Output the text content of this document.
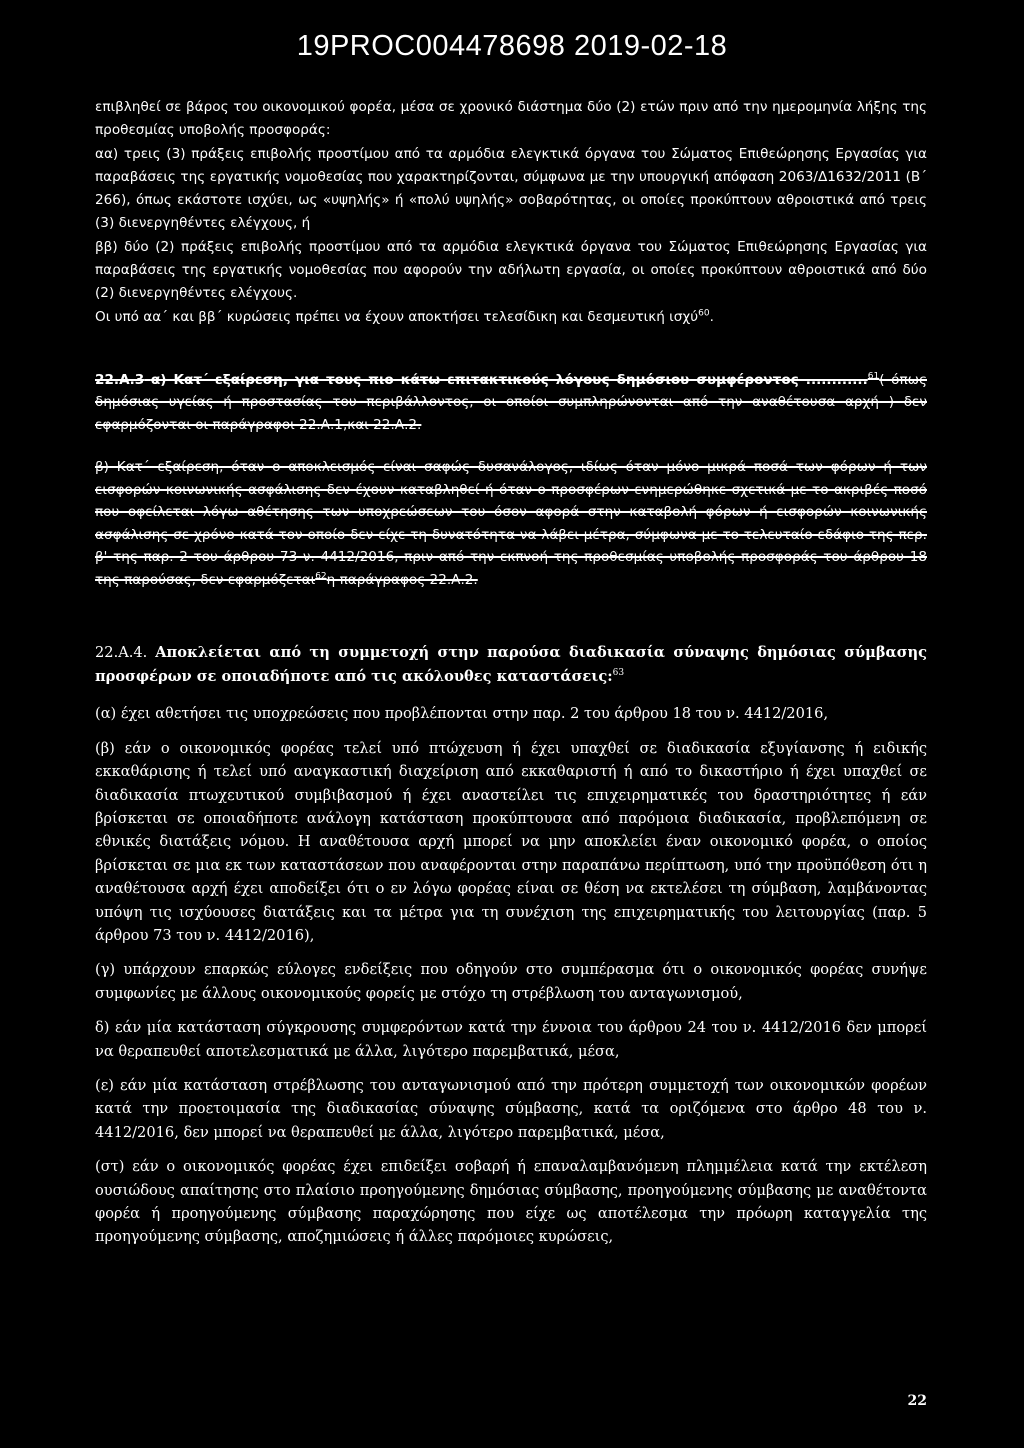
19PROC004478698 2019-02-18

επιβληθεί σε βάρος του οικονομικού φορέα, μέσα σε χρονικό διάστημα δύο (2) ετών πριν από την ημερομηνία λήξης της προθεσμίας υποβολής προσφοράς:

αα) τρεις (3) πράξεις επιβολής προστίμου από τα αρμόδια ελεγκτικά όργανα του Σώματος Επιθεώρησης Εργασίας για παραβάσεις της εργατικής νομοθεσίας που χαρακτηρίζονται, σύμφωνα με την υπουργική απόφαση 2063/Δ1632/2011 (Β΄ 266), όπως εκάστοτε ισχύει, ως «υψηλής» ή «πολύ υψηλής» σοβαρότητας, οι οποίες προκύπτουν αθροιστικά από τρεις (3) διενεργηθέντες ελέγχους, ή

ββ) δύο (2) πράξεις επιβολής προστίμου από τα αρμόδια ελεγκτικά όργανα του Σώματος Επιθεώρησης Εργασίας για παραβάσεις της εργατικής νομοθεσίας που αφορούν την αδήλωτη εργασία, οι οποίες προκύπτουν αθροιστικά από δύο (2) διενεργηθέντες ελέγχους.

Οι υπό αα΄ και ββ΄ κυρώσεις πρέπει να έχουν αποκτήσει τελεσίδικη και δεσμευτική ισχύ$^{60}$.

22.Α.3 α) Κατ΄ εξαίρεση, για τους πιο κάτω επιτακτικούς λόγους δημόσιου συμφέροντος ............$^{61}$( όπως δημόσιας υγείας ή προστασίας του περιβάλλοντος, οι οποίοι συμπληρώνονται από την αναθέτουσα αρχή ) δεν εφαρμόζονται οι παράγραφοι 22.Α.1,και 22.Α.2.

β) Κατ΄ εξαίρεση, όταν ο αποκλεισμός είναι σαφώς δυσανάλογος, ιδίως όταν μόνο μικρά ποσά των φόρων ή των εισφορών κοινωνικής ασφάλισης δεν έχουν καταβληθεί ή όταν ο προσφέρων ενημερώθηκε σχετικά με το ακριβές ποσό που οφείλεται λόγω αθέτησης των υποχρεώσεων του όσον αφορά στην καταβολή φόρων ή εισφορών κοινωνικής ασφάλισης σε χρόνο κατά τον οποίο δεν είχε τη δυνατότητα να λάβει μέτρα, σύμφωνα με το τελευταίο εδάφιο της περ. β' της παρ. 2 του άρθρου 73 ν. 4412/2016, πριν από την εκπνοή της προθεσμίας υποβολής προσφοράς του άρθρου 18 της παρούσας, δεν εφαρμόζεται$^{62}$η παράγραφος 22.Α.2.

22.Α.4. Αποκλείεται από τη συμμετοχή στην παρούσα διαδικασία σύναψης δημόσιας σύμβασης προσφέρων σε οποιαδήποτε από τις ακόλουθες καταστάσεις:$^{63}$

(α) έχει αθετήσει τις υποχρεώσεις που προβλέπονται στην παρ. 2 του άρθρου 18 του ν. 4412/2016,

(β) εάν ο οικονομικός φορέας τελεί υπό πτώχευση ή έχει υπαχθεί σε διαδικασία εξυγίανσης ή ειδικής εκκαθάρισης ή τελεί υπό αναγκαστική διαχείριση από εκκαθαριστή ή από το δικαστήριο ή έχει υπαχθεί σε διαδικασία πτωχευτικού συμβιβασμού ή έχει αναστείλει τις επιχειρηματικές του δραστηριότητες ή εάν βρίσκεται σε οποιαδήποτε ανάλογη κατάσταση προκύπτουσα από παρόμοια διαδικασία, προβλεπόμενη σε εθνικές διατάξεις νόμου. Η αναθέτουσα αρχή μπορεί να μην αποκλείει έναν οικονομικό φορέα, ο οποίος βρίσκεται σε μια εκ των καταστάσεων που αναφέρονται στην παραπάνω περίπτωση, υπό την προϋπόθεση ότι η αναθέτουσα αρχή έχει αποδείξει ότι ο εν λόγω φορέας είναι σε θέση να εκτελέσει τη σύμβαση, λαμβάνοντας υπόψη τις ισχύουσες διατάξεις και τα μέτρα για τη συνέχιση της επιχειρηματικής του λειτουργίας (παρ. 5 άρθρου 73 του ν. 4412/2016),

(γ) υπάρχουν επαρκώς εύλογες ενδείξεις που οδηγούν στο συμπέρασμα ότι ο οικονομικός φορέας συνήψε συμφωνίες με άλλους οικονομικούς φορείς με στόχο τη στρέβλωση του ανταγωνισμού,

δ) εάν μία κατάσταση σύγκρουσης συμφερόντων κατά την έννοια του άρθρου 24 του ν. 4412/2016 δεν μπορεί να θεραπευθεί αποτελεσματικά με άλλα, λιγότερο παρεμβατικά, μέσα,

(ε) εάν μία κατάσταση στρέβλωσης του ανταγωνισμού από την πρότερη συμμετοχή των οικονομικών φορέων κατά την προετοιμασία της διαδικασίας σύναψης σύμβασης, κατά τα οριζόμενα στο άρθρο 48 του ν. 4412/2016, δεν μπορεί να θεραπευθεί με άλλα, λιγότερο παρεμβατικά, μέσα,

(στ) εάν ο οικονομικός φορέας έχει επιδείξει σοβαρή ή επαναλαμβανόμενη πλημμέλεια κατά την εκτέλεση ουσιώδους απαίτησης στο πλαίσιο προηγούμενης δημόσιας σύμβασης, προηγούμενης σύμβασης με αναθέτοντα φορέα ή προηγούμενης σύμβασης παραχώρησης που είχε ως αποτέλεσμα την πρόωρη καταγγελία της προηγούμενης σύμβασης, αποζημιώσεις ή άλλες παρόμοιες κυρώσεις,

22
